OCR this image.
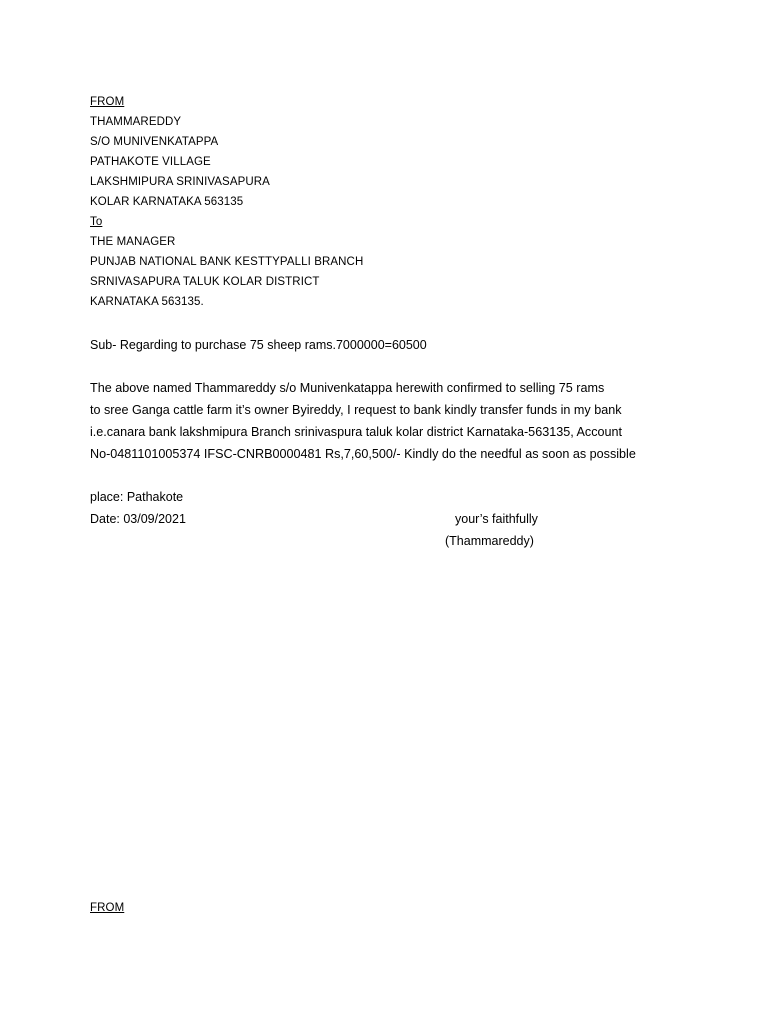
FROM
THAMMAREDDY
S/O MUNIVENKATAPPA
PATHAKOTE VILLAGE
LAKSHMIPURA SRINIVASAPURA
KOLAR KARNATAKA 563135
To
THE MANAGER
PUNJAB NATIONAL BANK KESTTYPALLI BRANCH
SRNIVASAPURA TALUK KOLAR DISTRICT
KARNATAKA 563135.
Sub- Regarding to purchase 75 sheep rams.7000000=60500
The above named Thammareddy s/o Munivenkatappa herewith confirmed to selling 75 rams
to sree Ganga cattle farm it’s owner Byireddy, I request to bank kindly transfer funds in my bank
i.e.canara bank lakshmipura Branch srinivaspura taluk kolar district Karnataka-563135, Account
No-0481101005374 IFSC-CNRB0000481 Rs,7,60,500/- Kindly do the needful as soon as possible
place: Pathakote
Date: 03/09/2021	your’s faithfully
(Thammareddy)
FROM
